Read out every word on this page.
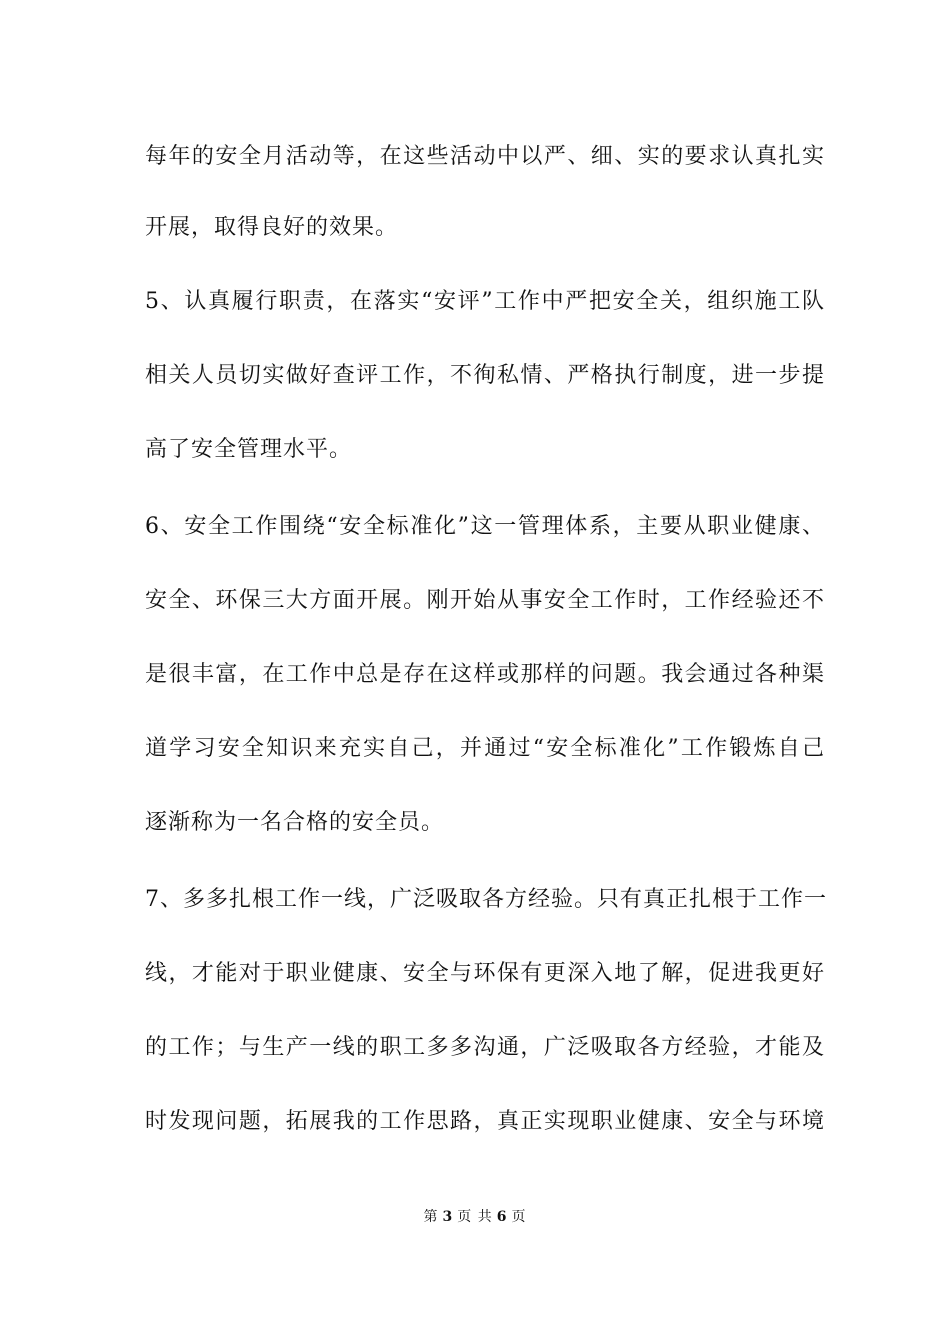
每年的安全月活动等，在这些活动中以严、细、实的要求认真扎实
开展，取得良好的效果。
5、认真履行职责，在落实“安评”工作中严把安全关，组织施工队
相关人员切实做好查评工作，不徇私情、严格执行制度，进一步提
高了安全管理水平。
6、安全工作围绕“安全标准化”这一管理体系，主要从职业健康、
安全、环保三大方面开展。刚开始从事安全工作时，工作经验还不
是很丰富，在工作中总是存在这样或那样的问题。我会通过各种渠
道学习安全知识来充实自己，并通过“安全标准化”工作锻炼自己
逐渐称为一名合格的安全员。
7、多多扎根工作一线，广泛吸取各方经验。只有真正扎根于工作一
线，才能对于职业健康、安全与环保有更深入地了解，促进我更好
的工作；与生产一线的职工多多沟通，广泛吸取各方经验，才能及
时发现问题，拓展我的工作思路，真正实现职业健康、安全与环境
第 3 页 共 6 页
